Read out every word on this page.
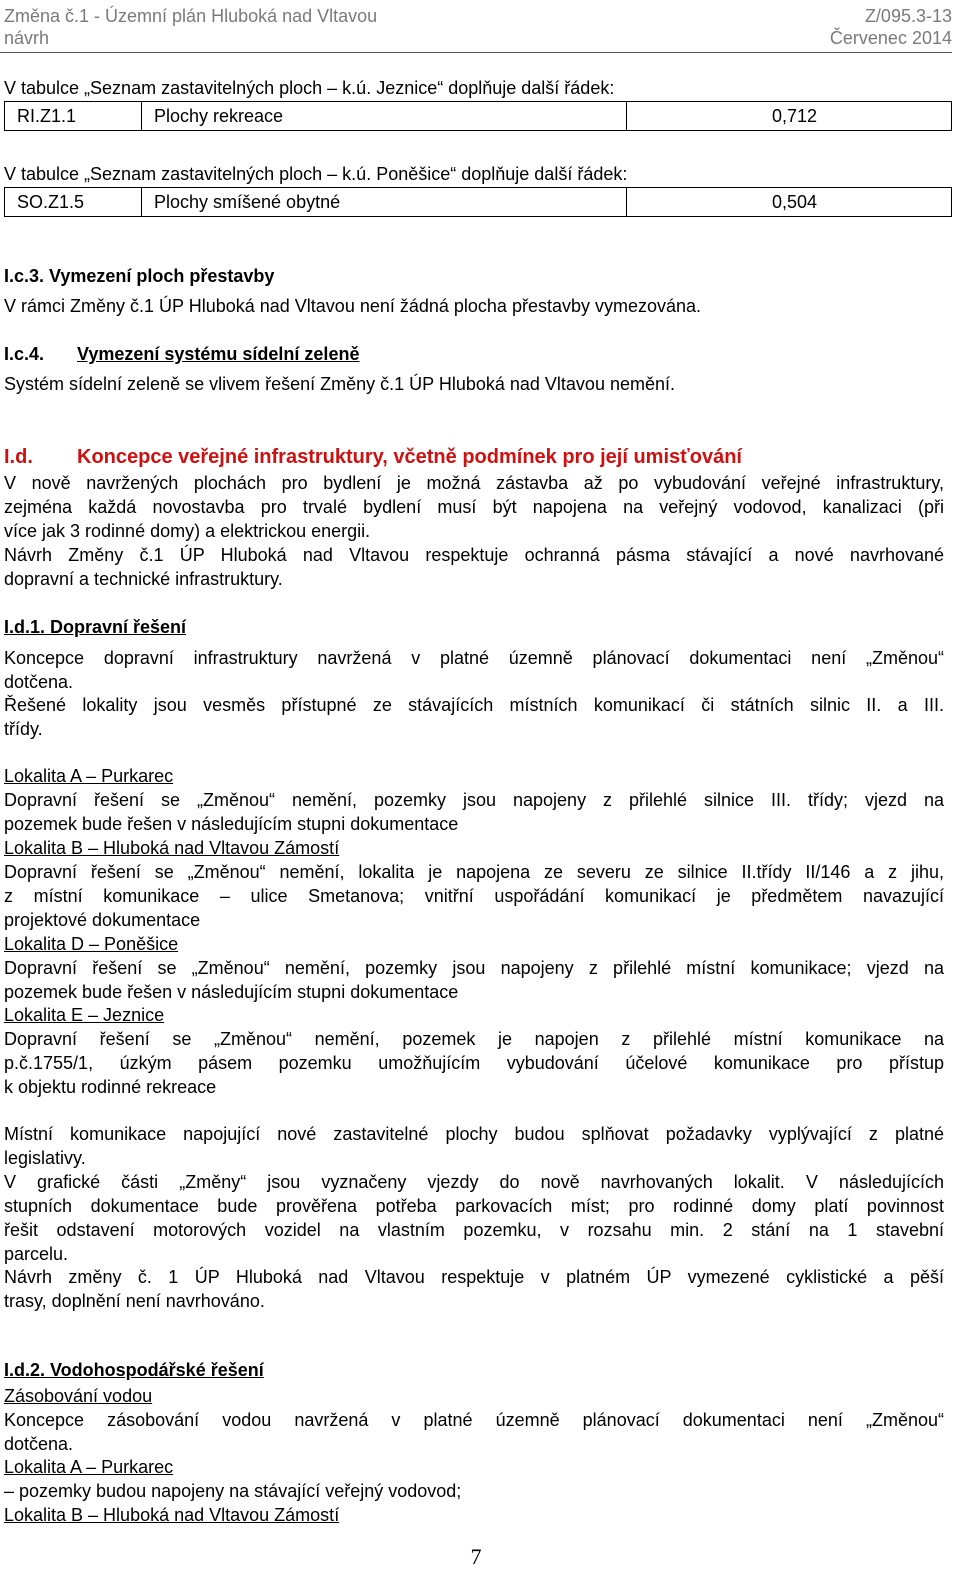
Změna č.1 - Územní plán Hluboká nad Vltavou	Z/095.3-13
návrh	Červenec 2014
V tabulce „Seznam zastavitelných ploch – k.ú. Jeznice“ doplňuje další řádek:
RI.Z1.1	Plochy rekreace	0,712
V tabulce „Seznam zastavitelných ploch – k.ú. Poněšice“ doplňuje další řádek:
SO.Z1.5	Plochy smíšené obytné	0,504
I.c.3. Vymezení ploch přestavby
V rámci Změny č.1 ÚP Hluboká nad Vltavou není žádná plocha přestavby vymezována.
I.c.4. Vymezení systému sídelní zeleně
Systém sídelní zeleně se vlivem řešení Změny č.1 ÚP Hluboká nad Vltavou nemění.
I.d. Koncepce veřejné infrastruktury, včetně podmínek pro její umisťování
V nově navržených plochách pro bydlení je možná zástavba až po vybudování veřejné infrastruktury,
zejména každá novostavba pro trvalé bydlení musí být napojena na veřejný vodovod, kanalizaci (při
více jak 3 rodinné domy) a elektrickou energii.
Návrh Změny č.1 ÚP Hluboká nad Vltavou respektuje ochranná pásma stávající a nové navrhované
dopravní a technické infrastruktury.
I.d.1. Dopravní řešení
Koncepce dopravní infrastruktury navržená v platné územně plánovací dokumentaci není „Změnou“
dotčena.
Řešené lokality jsou vesměs přístupné ze stávajících místních komunikací či státních silnic II. a III.
třídy.
Lokalita A – Purkarec
Dopravní řešení se „Změnou“ nemění, pozemky jsou napojeny z přilehlé silnice III. třídy; vjezd na
pozemek bude řešen v následujícím stupni dokumentace
Lokalita B – Hluboká nad Vltavou Zámostí
Dopravní řešení se „Změnou“ nemění, lokalita je napojena ze severu ze silnice II.třídy II/146 a z jihu,
z místní komunikace – ulice Smetanova; vnitřní uspořádání komunikací je předmětem navazující
projektové dokumentace
Lokalita D – Poněšice
Dopravní řešení se „Změnou“ nemění, pozemky jsou napojeny z přilehlé místní komunikace; vjezd na
pozemek bude řešen v následujícím stupni dokumentace
Lokalita E – Jeznice
Dopravní řešení se „Změnou“ nemění, pozemek je napojen z přilehlé místní komunikace na
p.č.1755/1, úzkým pásem pozemku umožňujícím vybudování účelové komunikace pro přístup
k objektu rodinné rekreace
Místní komunikace napojující nové zastavitelné plochy budou splňovat požadavky vyplývající z platné
legislativy.
V grafické části „Změny“ jsou vyznačeny vjezdy do nově navrhovaných lokalit. V následujících
stupních dokumentace bude prověřena potřeba parkovacích míst; pro rodinné domy platí povinnost
řešit odstavení motorových vozidel na vlastním pozemku, v rozsahu min. 2 stání na 1 stavební
parcelu.
Návrh změny č. 1 ÚP Hluboká nad Vltavou respektuje v platném ÚP vymezené cyklistické a pěší
trasy, doplnění není navrhováno.
I.d.2. Vodohospodářské řešení
Zásobování vodou
Koncepce zásobování vodou navržená v platné územně plánovací dokumentaci není „Změnou“
dotčena.
Lokalita A – Purkarec
– pozemky budou napojeny na stávající veřejný vodovod;
Lokalita B – Hluboká nad Vltavou Zámostí
7
